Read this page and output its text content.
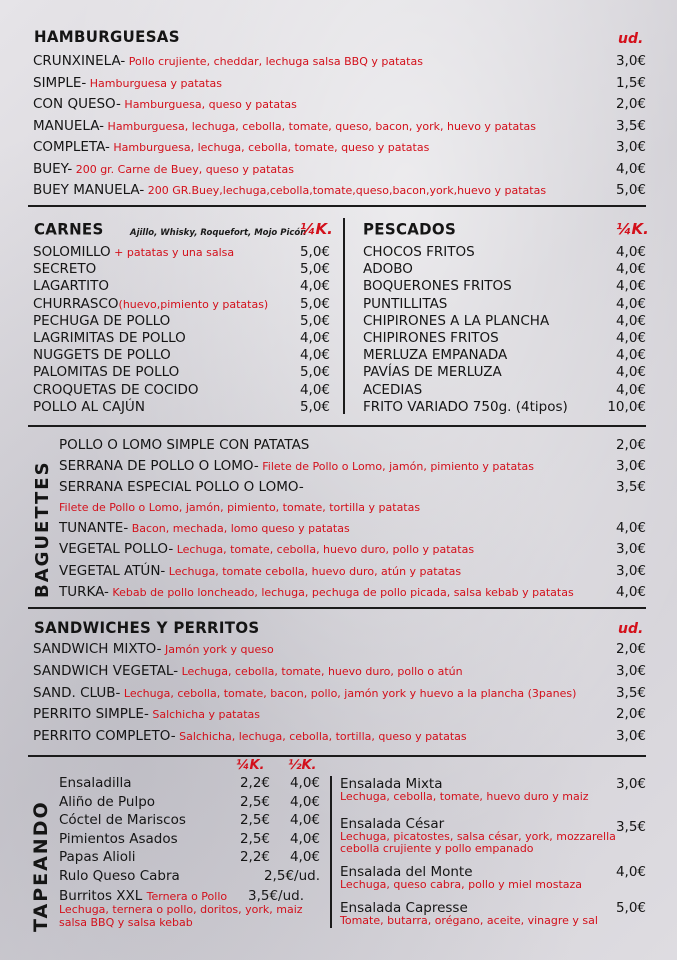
HAMBURGUESAS	ud.
CRUNXINELA- Pollo crujiente, cheddar, lechuga salsa BBQ y patatas	3,0€
SIMPLE- Hamburguesa y patatas	1,5€
CON QUESO- Hamburguesa, queso y patatas	2,0€
MANUELA- Hamburguesa, lechuga, cebolla, tomate, queso, bacon, york, huevo y patatas	3,5€
COMPLETA- Hamburguesa, lechuga, cebolla, tomate, queso y patatas	3,0€
BUEY- 200 gr. Carne de Buey, queso y patatas	4,0€
BUEY MANUELA- 200 GR.Buey,lechuga,cebolla,tomate,queso,bacon,york,huevo y patatas	5,0€
CARNES	Ajillo, Whisky, Roquefort, Mojo Picón
¼K.
SOLOMILLO + patatas y una salsa	5,0€
SECRETO	5,0€
LAGARTITO	4,0€
CHURRASCO(huevo,pimiento y patatas)	5,0€
PECHUGA DE POLLO	5,0€
LAGRIMITAS DE POLLO	4,0€
NUGGETS DE POLLO	4,0€
PALOMITAS DE POLLO	5,0€
CROQUETAS DE COCIDO	4,0€
POLLO AL CAJÚN	5,0€
PESCADOS	¼K.
CHOCOS FRITOS	4,0€
ADOBO	4,0€
BOQUERONES FRITOS	4,0€
PUNTILLITAS	4,0€
CHIPIRONES A LA PLANCHA	4,0€
CHIPIRONES FRITOS	4,0€
MERLUZA EMPANADA	4,0€
PAVÍAS DE MERLUZA	4,0€
ACEDIAS	4,0€
FRITO VARIADO 750g. (4tipos)	10,0€
BAGUETTES
POLLO O LOMO SIMPLE CON PATATAS	2,0€
SERRANA DE POLLO O LOMO- Filete de Pollo o Lomo, jamón, pimiento y patatas	3,0€
SERRANA ESPECIAL POLLO O LOMO-	3,5€
Filete de Pollo o Lomo, jamón, pimiento, tomate, tortilla y patatas
TUNANTE- Bacon, mechada, lomo queso y patatas	4,0€
VEGETAL POLLO- Lechuga, tomate, cebolla, huevo duro, pollo y patatas	3,0€
VEGETAL ATÚN- Lechuga, tomate cebolla, huevo duro, atún y patatas	3,0€
TURKA- Kebab de pollo loncheado, lechuga, pechuga de pollo picada, salsa kebab y patatas	4,0€
SANDWICHES Y PERRITOS	ud.
SANDWICH MIXTO- Jamón york y queso	2,0€
SANDWICH VEGETAL- Lechuga, cebolla, tomate, huevo duro, pollo o atún	3,0€
SAND. CLUB- Lechuga, cebolla, tomate, bacon, pollo, jamón york y huevo a la plancha (3panes)	3,5€
PERRITO SIMPLE- Salchicha y patatas	2,0€
PERRITO COMPLETO- Salchicha, lechuga, cebolla, tortilla, queso y patatas	3,0€
TAPEANDO
¼K. ½K.
Ensaladilla	2,2€	4,0€
Aliño de Pulpo	2,5€	4,0€
Cóctel de Mariscos	2,5€	4,0€
Pimientos Asados	2,5€	4,0€
Papas Alioli	2,2€	4,0€
Rulo Queso Cabra	2,5€/ud.
Burritos XXL Ternera o Pollo 3,5€/ud.
Lechuga, ternera o pollo, doritos, york, maiz
salsa BBQ y salsa kebab
Ensalada Mixta	3,0€
Lechuga, cebolla, tomate, huevo duro y maiz
Ensalada César	3,5€
Lechuga, picatostes, salsa césar, york, mozzarella
cebolla crujiente y pollo empanado
Ensalada del Monte	4,0€
Lechuga, queso cabra, pollo y miel mostaza
Ensalada Capresse	5,0€
Tomate, butarra, orégano, aceite, vinagre y sal
